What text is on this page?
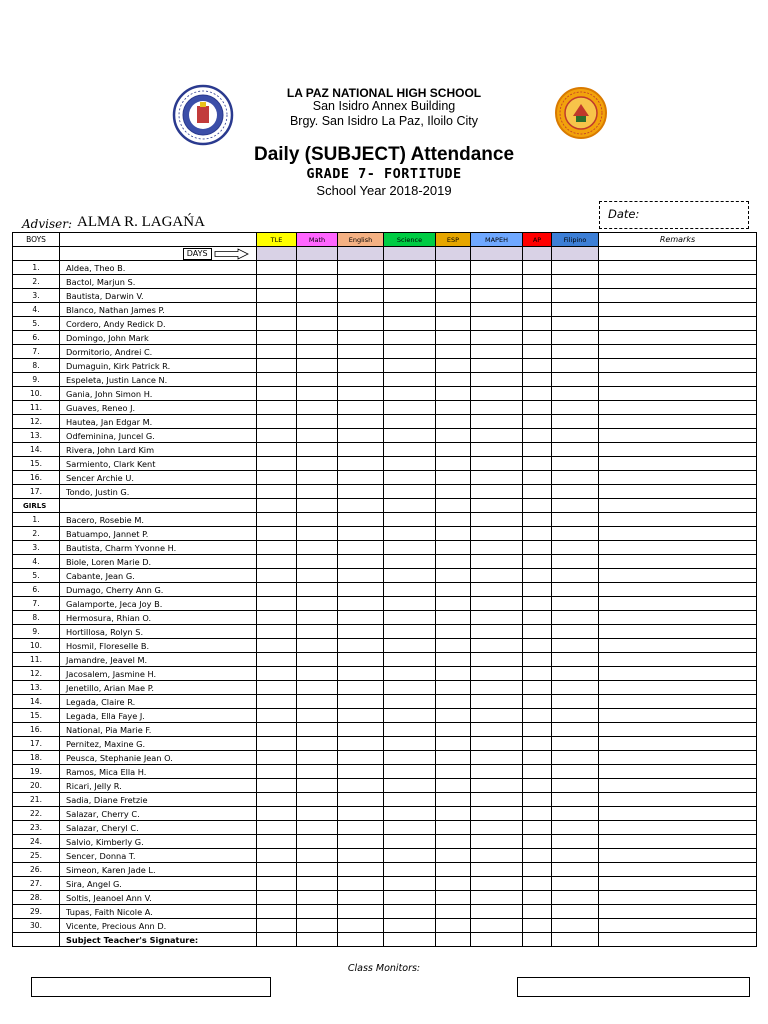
LA PAZ NATIONAL HIGH SCHOOL
San Isidro Annex Building
Brgy. San Isidro La Paz, Iloilo City
Daily (SUBJECT) Attendance
GRADE 7- FORTITUDE
School Year 2018-2019
Adviser: ALMA R. LAGAŃA	Date:
BOYS		TLE	Math	English	Science	ESP	MAPEH	AP	Filipino	Remarks
	DAYS									
1.	Aldea, Theo B.									
2.	Bactol, Marjun S.									
3.	Bautista, Darwin V.									
4.	Blanco, Nathan James P.									
5.	Cordero, Andy Redick D.									
6.	Domingo, John Mark									
7.	Dormitorio, Andrei C.									
8.	Dumaguin, Kirk Patrick R.									
9.	Espeleta, Justin Lance N.									
10.	Gania, John Simon H.									
11.	Guaves, Reneo J.									
12.	Hautea, Jan Edgar M.									
13.	Odfeminina, Juncel G.									
14.	Rivera, John Lard Kim									
15.	Sarmiento, Clark Kent									
16.	Sencer Archie U.									
17.	Tondo, Justin G.									
GIRLS										
1.	Bacero, Rosebie M.									
2.	Batuampo, Jannet P.									
3.	Bautista, Charm Yvonne H.									
4.	Biole, Loren Marie D.									
5.	Cabante, Jean G.									
6.	Dumago, Cherry Ann G.									
7.	Galamporte, Jeca Joy B.									
8.	Hermosura, Rhian O.									
9.	Hortillosa, Rolyn S.									
10.	Hosmil, Floreselle B.									
11.	Jamandre, Jeavel M.									
12.	Jacosalem, Jasmine H.									
13.	Jenetillo, Arian Mae P.									
14.	Legada, Claire R.									
15.	Legada, Ella Faye J.									
16.	National, Pia Marie F.									
17.	Pernitez, Maxine G.									
18.	Peusca, Stephanie Jean O.									
19.	Ramos, Mica Ella H.									
20.	Ricari, Jelly R.									
21.	Sadia, Diane Fretzie									
22.	Salazar, Cherry C.									
23.	Salazar, Cheryl C.									
24.	Salvio, Kimberly G.									
25.	Sencer, Donna T.									
26.	Simeon, Karen Jade L.									
27.	Sira, Angel G.									
28.	Soltis, Jeanoel Ann V.									
29.	Tupas, Faith Nicole A.									
30.	Vicente, Precious Ann D.									
	Subject Teacher's Signature:									
Class Monitors:
